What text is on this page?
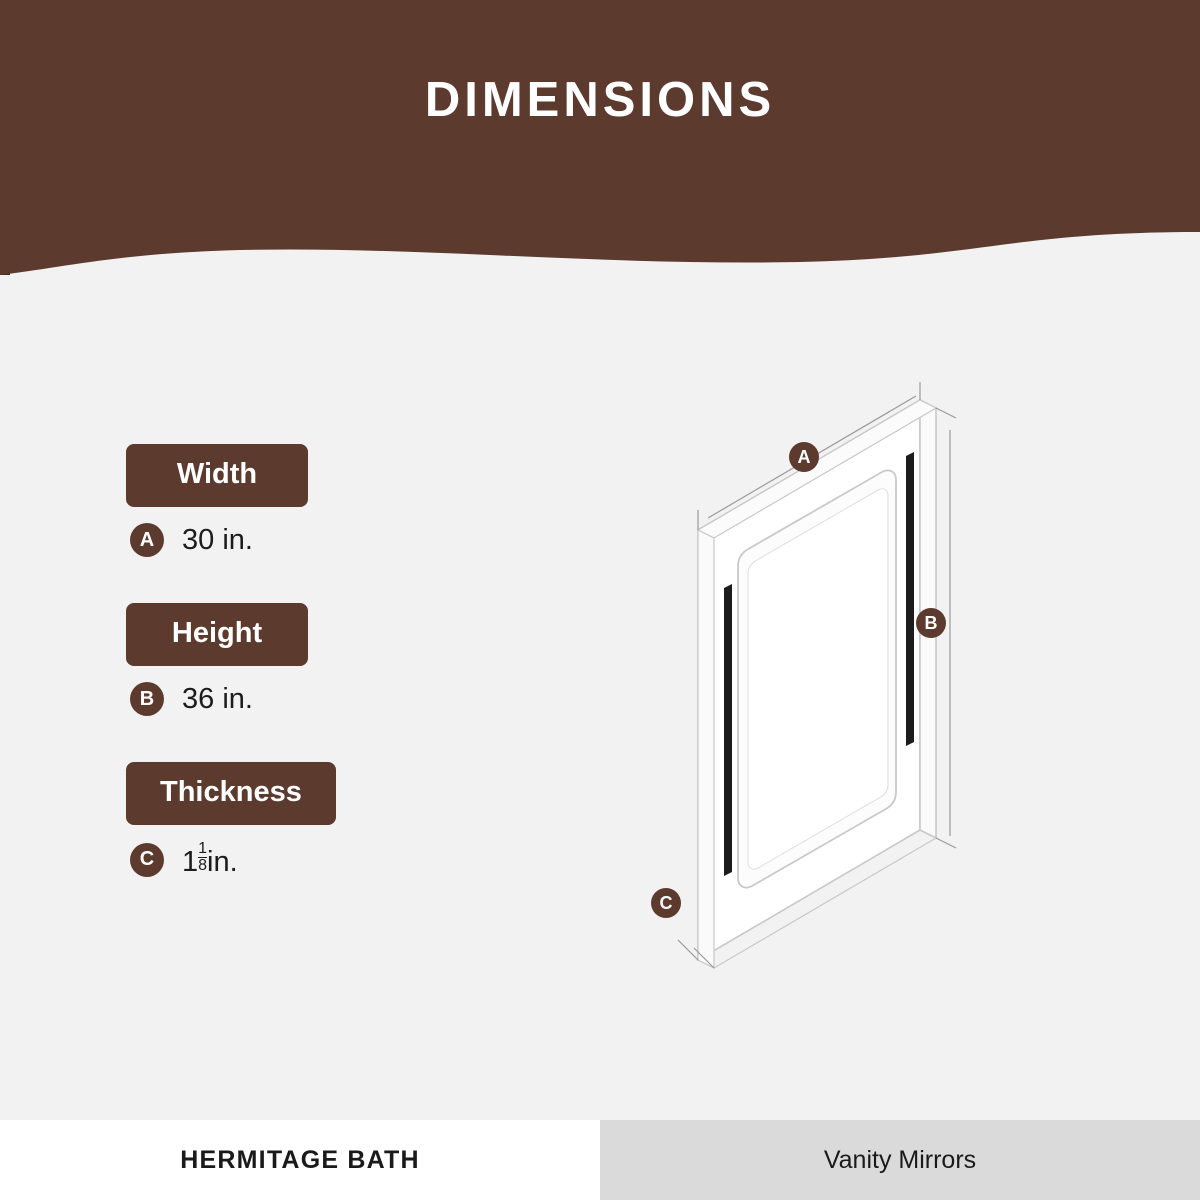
DIMENSIONS
Width
A 30 in.
Height
B 36 in.
Thickness
C $1 \frac{1}{8}$ in.
A
B
C
HERMITAGE BATH	Vanity Mirrors
